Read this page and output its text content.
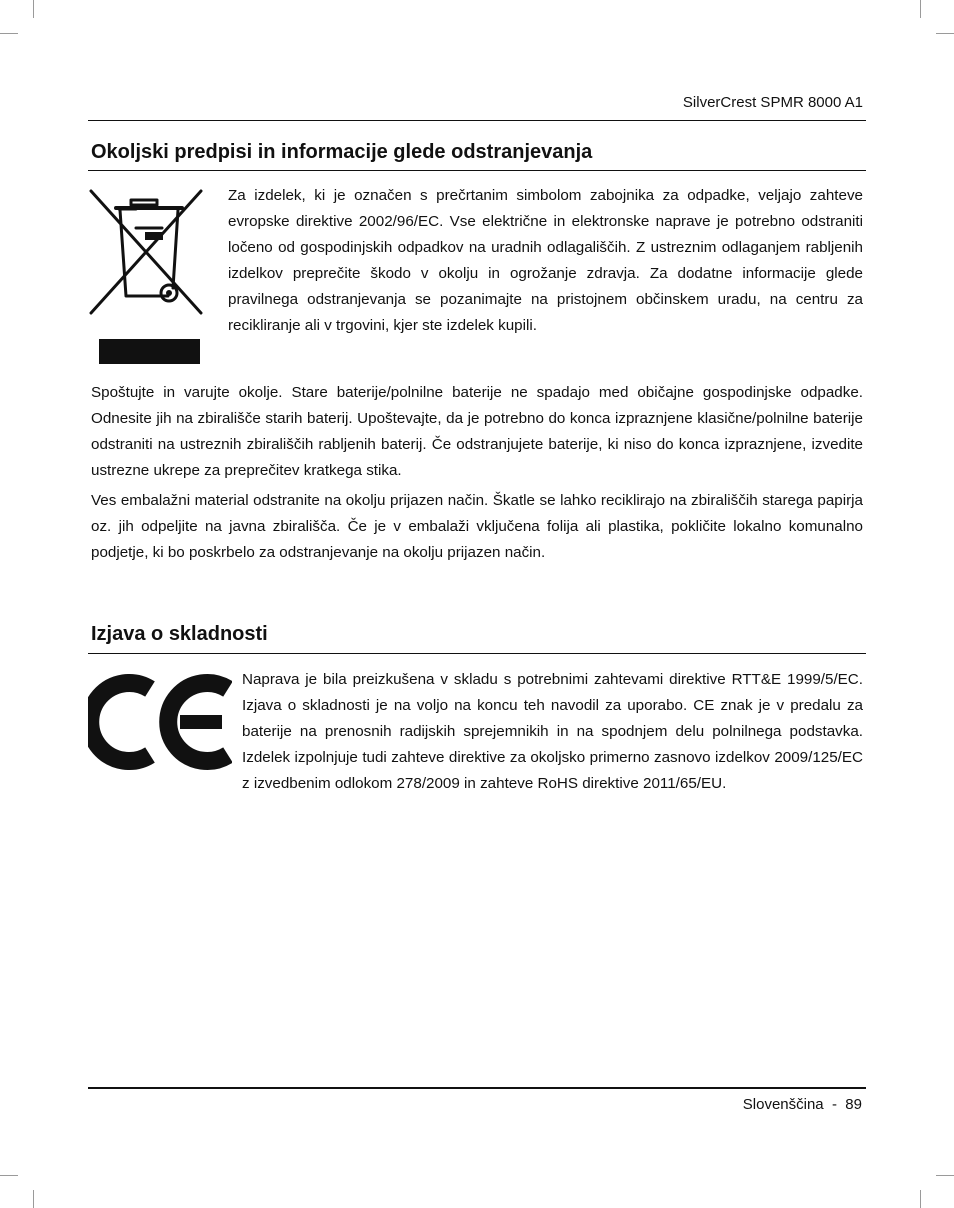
SilverCrest SPMR 8000 A1
Okoljski predpisi in informacije glede odstranjevanja

Za izdelek, ki je označen s prečrtanim simbolom zabojnika za odpadke, veljajo zahteve evropske direktive 2002/96/EC. Vse električne in elektronske naprave je potrebno odstraniti ločeno od gospodinjskih odpadkov na uradnih odlagališčih. Z ustreznim odlaganjem rabljenih izdelkov preprečite škodo v okolju in ogrožanje zdravja. Za dodatne informacije glede pravilnega odstranjevanja se pozanimajte na pristojnem občinskem uradu, na centru za recikliranje ali v trgovini, kjer ste izdelek kupili.

Spoštujte in varujte okolje. Stare baterije/polnilne baterije ne spadajo med običajne gospodinjske odpadke. Odnesite jih na zbirališče starih baterij. Upoštevajte, da je potrebno do konca izpraznjene klasične/polnilne baterije odstraniti na ustreznih zbirališčih rabljenih baterij. Če odstranjujete baterije, ki niso do konca izpraznjene, izvedite ustrezne ukrepe za preprečitev kratkega stika.

Ves embalažni material odstranite na okolju prijazen način. Škatle se lahko reciklirajo na zbirališčih starega papirja oz. jih odpeljite na javna zbirališča. Če je v embalaži vključena folija ali plastika, pokličite lokalno komunalno podjetje, ki bo poskrbelo za odstranjevanje na okolju prijazen način.

Izjava o skladnosti

Naprava je bila preizkušena v skladu s potrebnimi zahtevami direktive RTT&E 1999/5/EC. Izjava o skladnosti je na voljo na koncu teh navodil za uporabo. CE znak je v predalu za baterije na prenosnih radijskih sprejemnikih in na spodnjem delu polnilnega podstavka. Izdelek izpolnjuje tudi zahteve direktive za okoljsko primerno zasnovo izdelkov 2009/125/EC z izvedbenim odlokom 278/2009 in zahteve RoHS direktive 2011/65/EU.

Slovenščina  -  89
